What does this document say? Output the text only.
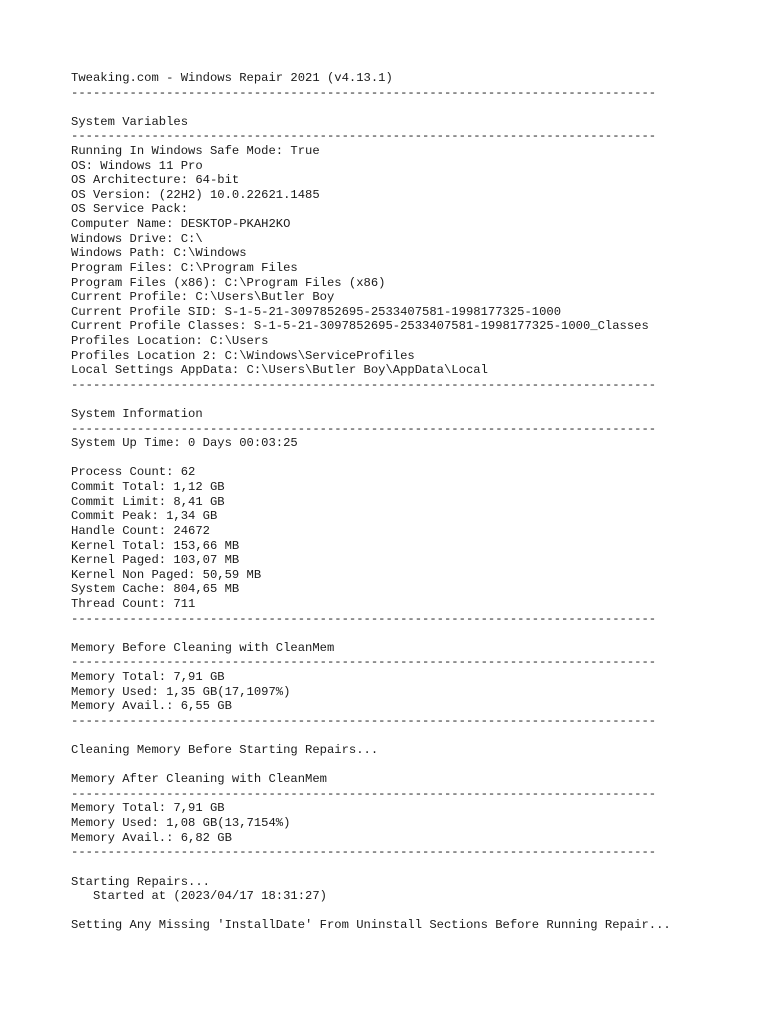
Tweaking.com - Windows Repair 2021 (v4.13.1)
--------------------------------------------------------------------------------
System Variables
--------------------------------------------------------------------------------
Running In Windows Safe Mode: True
OS: Windows 11 Pro
OS Architecture: 64-bit
OS Version: (22H2) 10.0.22621.1485
OS Service Pack:
Computer Name: DESKTOP-PKAH2KO
Windows Drive: C:\
Windows Path: C:\Windows
Program Files: C:\Program Files
Program Files (x86): C:\Program Files (x86)
Current Profile: C:\Users\Butler Boy
Current Profile SID: S-1-5-21-3097852695-2533407581-1998177325-1000
Current Profile Classes: S-1-5-21-3097852695-2533407581-1998177325-1000_Classes
Profiles Location: C:\Users
Profiles Location 2: C:\Windows\ServiceProfiles
Local Settings AppData: C:\Users\Butler Boy\AppData\Local
--------------------------------------------------------------------------------
System Information
--------------------------------------------------------------------------------
System Up Time: 0 Days 00:03:25
Process Count: 62
Commit Total: 1,12 GB
Commit Limit: 8,41 GB
Commit Peak: 1,34 GB
Handle Count: 24672
Kernel Total: 153,66 MB
Kernel Paged: 103,07 MB
Kernel Non Paged: 50,59 MB
System Cache: 804,65 MB
Thread Count: 711
--------------------------------------------------------------------------------
Memory Before Cleaning with CleanMem
--------------------------------------------------------------------------------
Memory Total: 7,91 GB
Memory Used: 1,35 GB(17,1097%)
Memory Avail.: 6,55 GB
--------------------------------------------------------------------------------
Cleaning Memory Before Starting Repairs...
Memory After Cleaning with CleanMem
--------------------------------------------------------------------------------
Memory Total: 7,91 GB
Memory Used: 1,08 GB(13,7154%)
Memory Avail.: 6,82 GB
--------------------------------------------------------------------------------
Starting Repairs...
Started at (2023/04/17 18:31:27)
Setting Any Missing 'InstallDate' From Uninstall Sections Before Running Repair...
